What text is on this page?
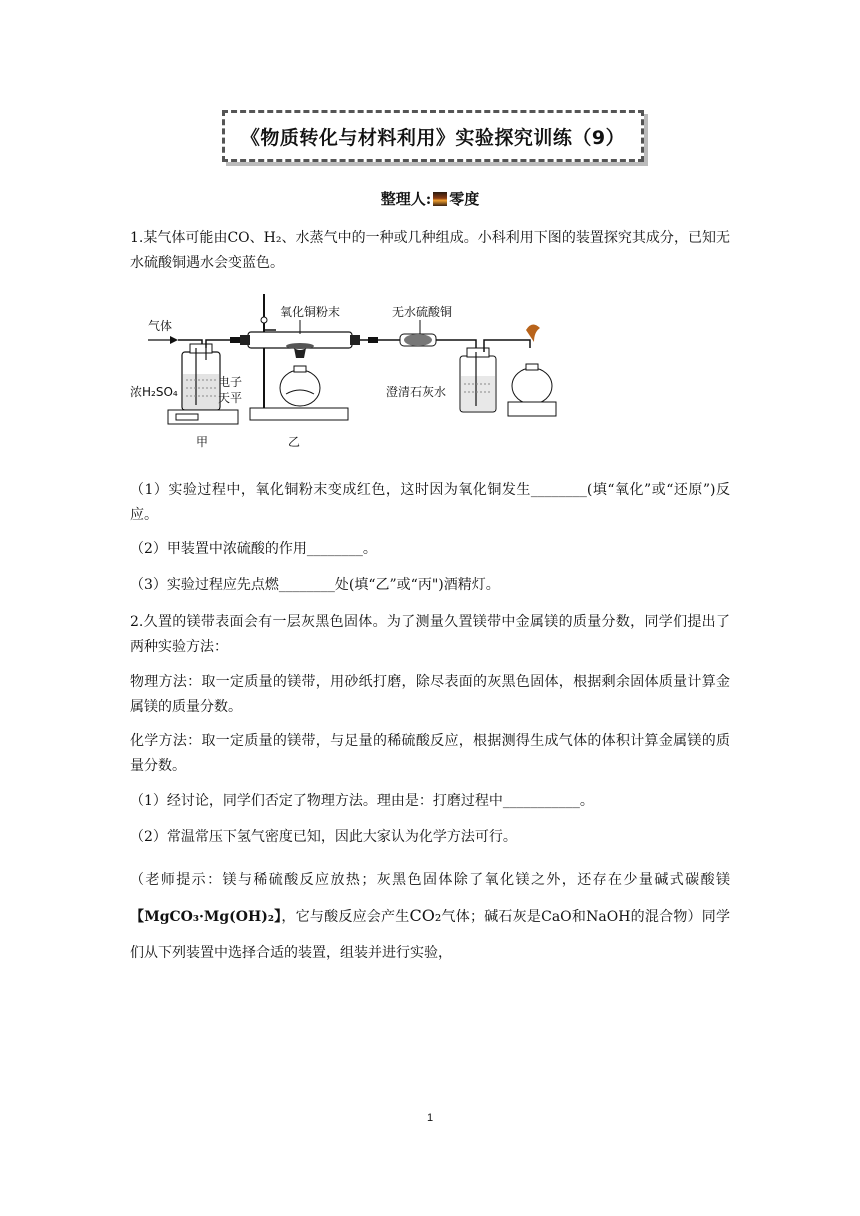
《物质转化与材料利用》实验探究训练（9）
整理人: 零度
1.某气体可能由CO、H₂、水蒸气中的一种或几种组成。小科利用下图的装置探究其成分，已知无水硫酸铜遇水会变蓝色。
气体
浓H₂SO₄
电子
天平
甲
氧化铜粉末
乙
无水硫酸铜
澄清石灰水
（1）实验过程中，氧化铜粉末变成红色，这时因为氧化铜发生________(填“氧化”或“还原”)反应。
（2）甲装置中浓硫酸的作用________。
（3）实验过程应先点燃________处(填“乙”或“丙")酒精灯。
2.久置的镁带表面会有一层灰黑色固体。为了测量久置镁带中金属镁的质量分数，同学们提出了两种实验方法：
物理方法：取一定质量的镁带，用砂纸打磨，除尽表面的灰黑色固体，根据剩余固体质量计算金属镁的质量分数。
化学方法：取一定质量的镁带，与足量的稀硫酸反应，根据测得生成气体的体积计算金属镁的质量分数。
（1）经讨论，同学们否定了物理方法。理由是：打磨过程中___________。
（2）常温常压下氢气密度已知，因此大家认为化学方法可行。
（老师提示：镁与稀硫酸反应放热；灰黑色固体除了氧化镁之外，还存在少量碱式碳酸镁【MgCO₃·Mg(OH)₂】，它与酸反应会产生CO₂气体；碱石灰是CaO和NaOH的混合物）同学们从下列装置中选择合适的装置，组装并进行实验，
1
